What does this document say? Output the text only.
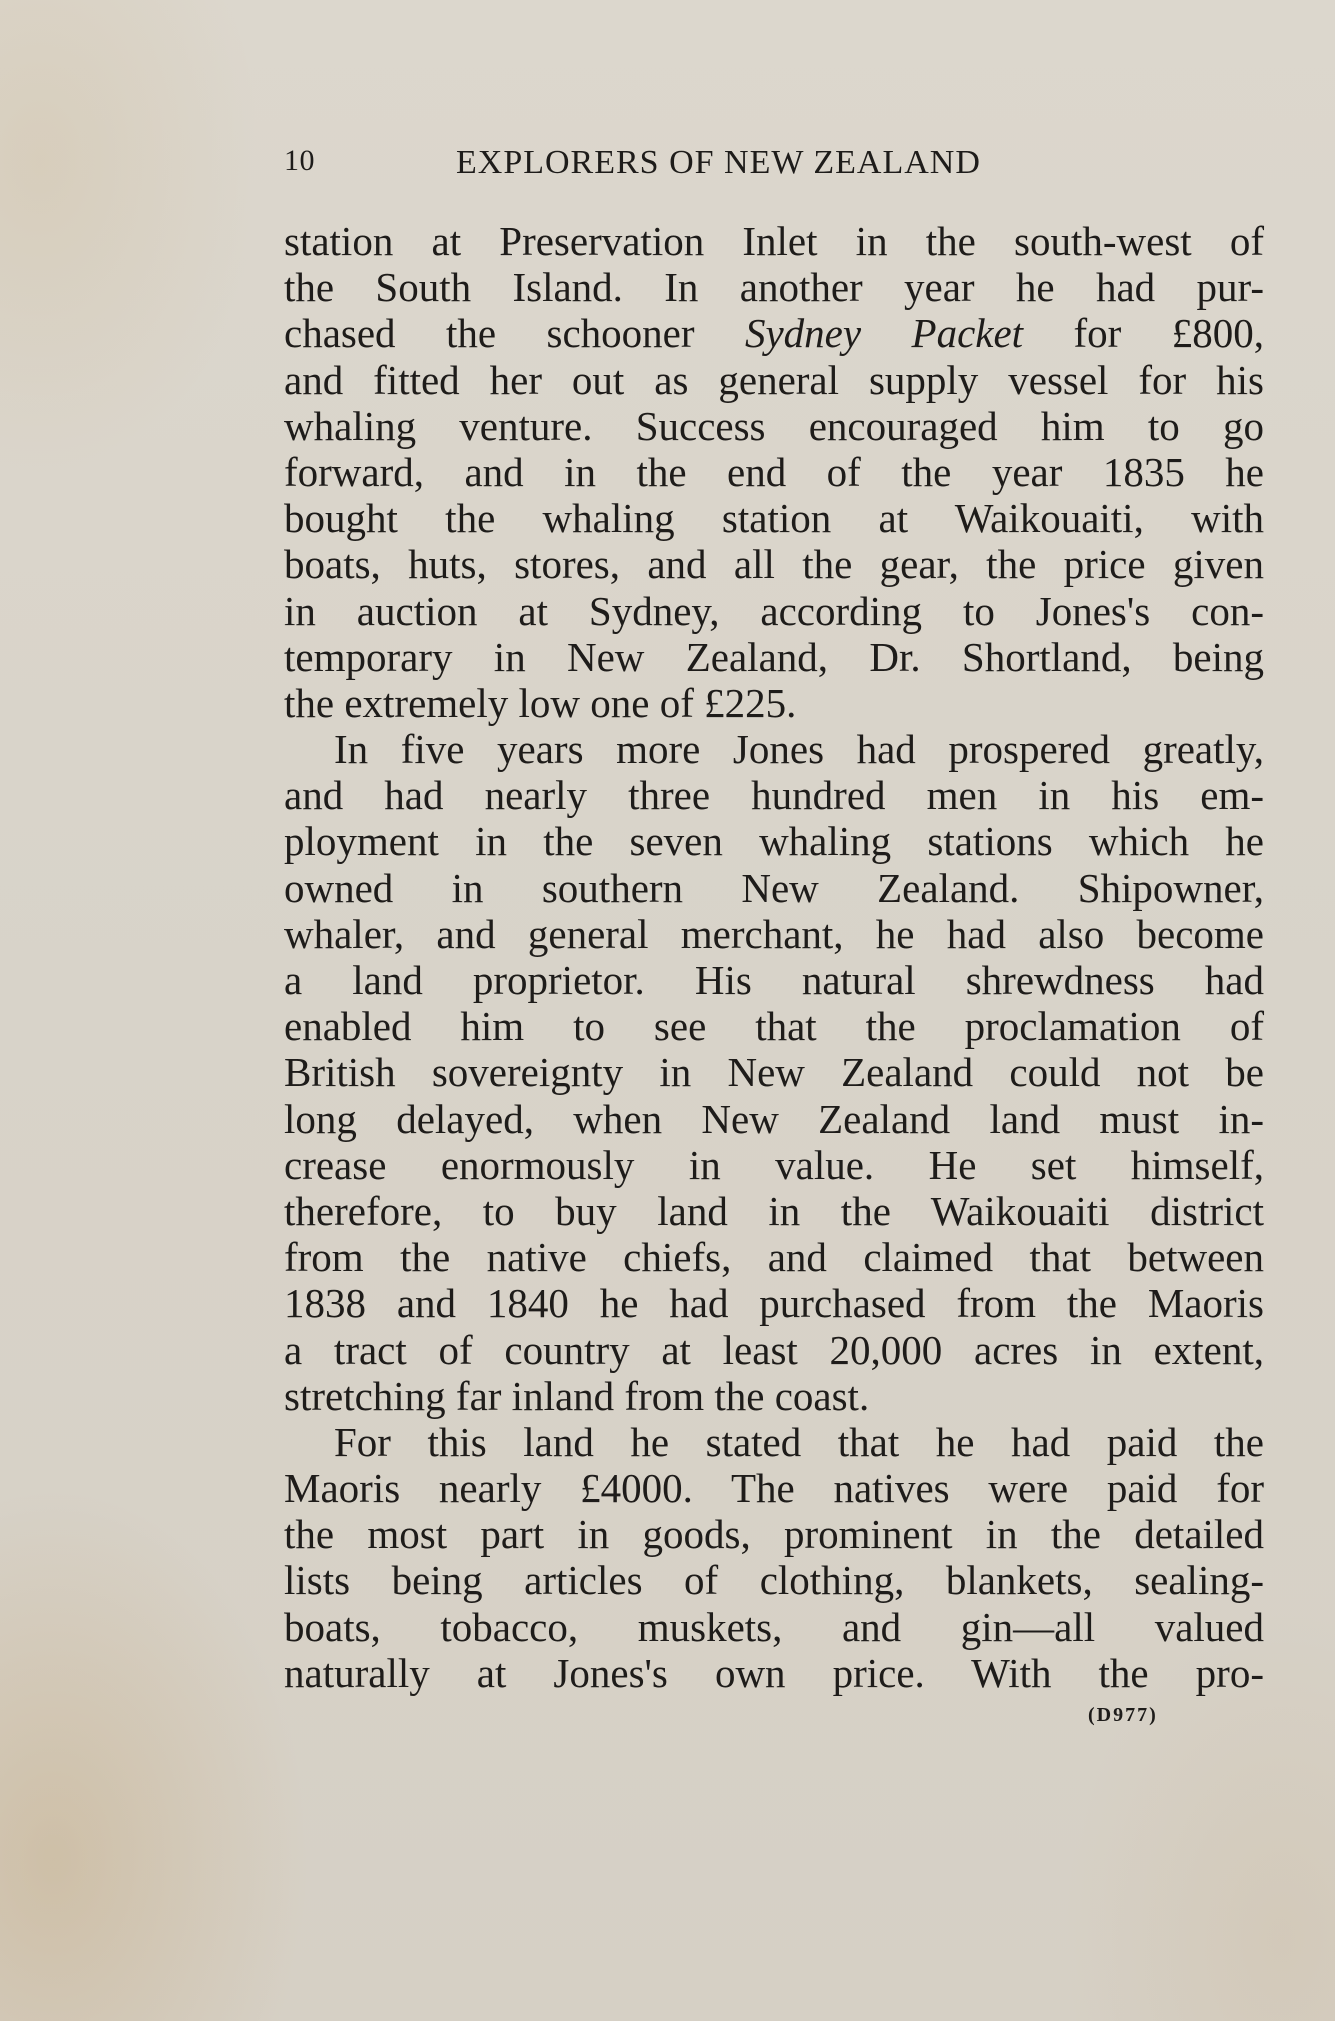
10	EXPLORERS OF NEW ZEALAND
station at Preservation Inlet in the south-west of
the South Island. In another year he had pur-
chased the schooner Sydney Packet for £800,
and fitted her out as general supply vessel for his
whaling venture. Success encouraged him to go
forward, and in the end of the year 1835 he
bought the whaling station at Waikouaiti, with
boats, huts, stores, and all the gear, the price given
in auction at Sydney, according to Jones's con-
temporary in New Zealand, Dr. Shortland, being
the extremely low one of £225.
In five years more Jones had prospered greatly,
and had nearly three hundred men in his em-
ployment in the seven whaling stations which he
owned in southern New Zealand. Shipowner,
whaler, and general merchant, he had also become
a land proprietor. His natural shrewdness had
enabled him to see that the proclamation of
British sovereignty in New Zealand could not be
long delayed, when New Zealand land must in-
crease enormously in value. He set himself,
therefore, to buy land in the Waikouaiti district
from the native chiefs, and claimed that between
1838 and 1840 he had purchased from the Maoris
a tract of country at least 20,000 acres in extent,
stretching far inland from the coast.
For this land he stated that he had paid the
Maoris nearly £4000. The natives were paid for
the most part in goods, prominent in the detailed
lists being articles of clothing, blankets, sealing-
boats, tobacco, muskets, and gin—all valued
naturally at Jones's own price. With the pro-
(D977)
